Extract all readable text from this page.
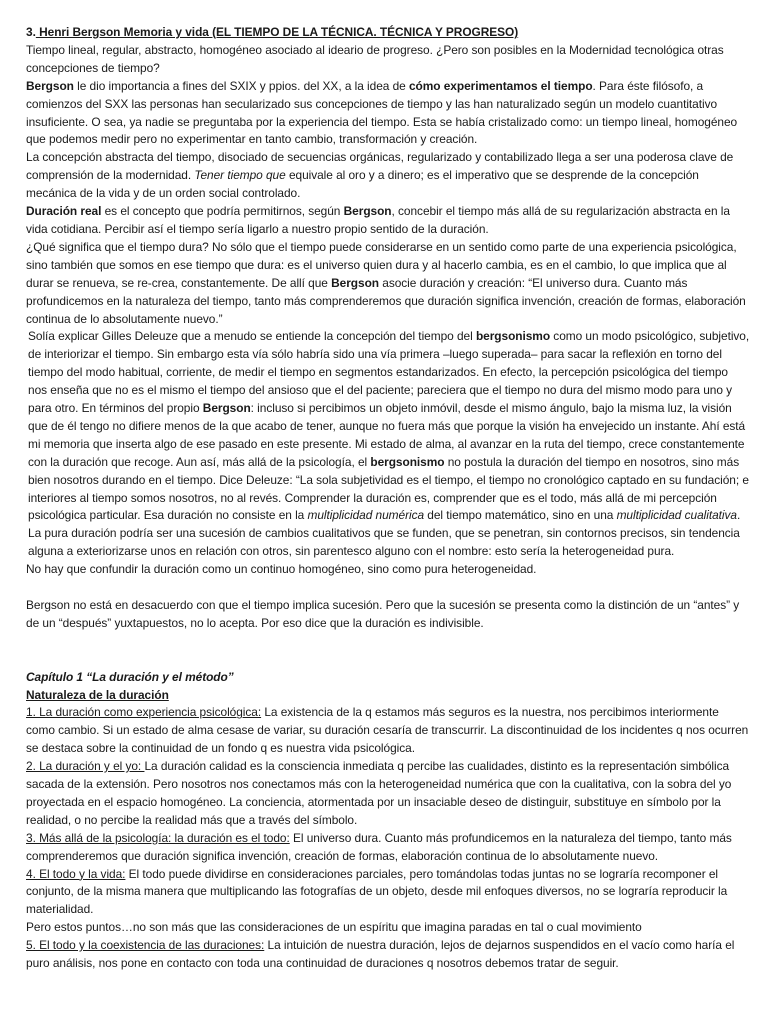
3. Henri Bergson Memoria y vida (EL TIEMPO DE LA TÉCNICA. TÉCNICA Y PROGRESO)

Tiempo lineal, regular, abstracto, homogéneo asociado al ideario de progreso. ¿Pero son posibles en la Modernidad tecnológica otras concepciones de tiempo?

Bergson le dio importancia a fines del SXIX y ppios. del XX, a la idea de cómo experimentamos el tiempo. Para éste filósofo, a comienzos del SXX las personas han secularizado sus concepciones de tiempo y las han naturalizado según un modelo cuantitativo insuficiente. O sea, ya nadie se preguntaba por la experiencia del tiempo. Esta se había cristalizado como: un tiempo lineal, homogéneo que podemos medir pero no experimentar en tanto cambio, transformación y creación.

La concepción abstracta del tiempo, disociado de secuencias orgánicas, regularizado y contabilizado llega a ser una poderosa clave de comprensión de la modernidad. Tener tiempo que equivale al oro y a dinero; es el imperativo que se desprende de la concepción mecánica de la vida y de un orden social controlado.

Duración real es el concepto que podría permitirnos, según Bergson, concebir el tiempo más allá de su regularización abstracta en la vida cotidiana. Percibir así el tiempo sería ligarlo a nuestro propio sentido de la duración.

¿Qué significa que el tiempo dura? No sólo que el tiempo puede considerarse en un sentido como parte de una experiencia psicológica, sino también que somos en ese tiempo que dura: es el universo quien dura y al hacerlo cambia, es en el cambio, lo que implica que al durar se renueva, se re-crea, constantemente. De allí que Bergson asocie duración y creación: “El universo dura. Cuanto más profundicemos en la naturaleza del tiempo, tanto más comprenderemos que duración significa invención, creación de formas, elaboración continua de lo absolutamente nuevo.”

Solía explicar Gilles Deleuze que a menudo se entiende la concepción del tiempo del bergsonismo como un modo psicológico, subjetivo, de interiorizar el tiempo. Sin embargo esta vía sólo habría sido una vía primera –luego superada– para sacar la reflexión en torno del tiempo del modo habitual, corriente, de medir el tiempo en segmentos estandarizados. En efecto, la percepción psicológica del tiempo nos enseña que no es el mismo el tiempo del ansioso que el del paciente; pareciera que el tiempo no dura del mismo modo para uno y para otro. En términos del propio Bergson: incluso si percibimos un objeto inmóvil, desde el mismo ángulo, bajo la misma luz, la visión que de él tengo no difiere menos de la que acabo de tener, aunque no fuera más que porque la visión ha envejecido un instante. Ahí está mi memoria que inserta algo de ese pasado en este presente. Mi estado de alma, al avanzar en la ruta del tiempo, crece constantemente con la duración que recoge. Aun así, más allá de la psicología, el bergsonismo no postula la duración del tiempo en nosotros, sino más bien nosotros durando en el tiempo. Dice Deleuze: “La sola subjetividad es el tiempo, el tiempo no cronológico captado en su fundación; e interiores al tiempo somos nosotros, no al revés. Comprender la duración es, comprender que es el todo, más allá de mi percepción psicológica particular. Esa duración no consiste en la multiplicidad numérica del tiempo matemático, sino en una multiplicidad cualitativa. La pura duración podría ser una sucesión de cambios cualitativos que se funden, que se penetran, sin contornos precisos, sin tendencia alguna a exteriorizarse unos en relación con otros, sin parentesco alguno con el nombre: esto sería la heterogeneidad pura.

No hay que confundir la duración como un continuo homogéneo, sino como pura heterogeneidad.

Bergson no está en desacuerdo con que el tiempo implica sucesión. Pero que la sucesión se presenta como la distinción de un “antes” y de un “después” yuxtapuestos, no lo acepta. Por eso dice que la duración es indivisible.

Capítulo 1 “La duración y el método”

Naturaleza de la duración

1. La duración como experiencia psicológica: La existencia de la q estamos más seguros es la nuestra, nos percibimos interiormente como cambio. Si un estado de alma cesase de variar, su duración cesaría de transcurrir. La discontinuidad de los incidentes q nos ocurren se destaca sobre la continuidad de un fondo q es nuestra vida psicológica.

2. La duración y el yo: La duración calidad es la consciencia inmediata q percibe las cualidades, distinto es la representación simbólica sacada de la extensión. Pero nosotros nos conectamos más con la heterogeneidad numérica que con la cualitativa, con la sobra del yo proyectada en el espacio homogéneo. La conciencia, atormentada por un insaciable deseo de distinguir, substituye en símbolo por la realidad, o no percibe la realidad más que a través del símbolo.

3. Más allá de la psicología: la duración es el todo: El universo dura. Cuanto más profundicemos en la naturaleza del tiempo, tanto más comprenderemos que duración significa invención, creación de formas, elaboración continua de lo absolutamente nuevo.

4. El todo y la vida: El todo puede dividirse en consideraciones parciales, pero tomándolas todas juntas no se lograría recomponer el conjunto, de la misma manera que multiplicando las fotografías de un objeto, desde mil enfoques diversos, no se lograría reproducir la materialidad.

Pero estos puntos…no son más que las consideraciones de un espíritu que imagina paradas en tal o cual movimiento

5. El todo y la coexistencia de las duraciones: La intuición de nuestra duración, lejos de dejarnos suspendidos en el vacío como haría el puro análisis, nos pone en contacto con toda una continuidad de duraciones q nosotros debemos tratar de seguir.
